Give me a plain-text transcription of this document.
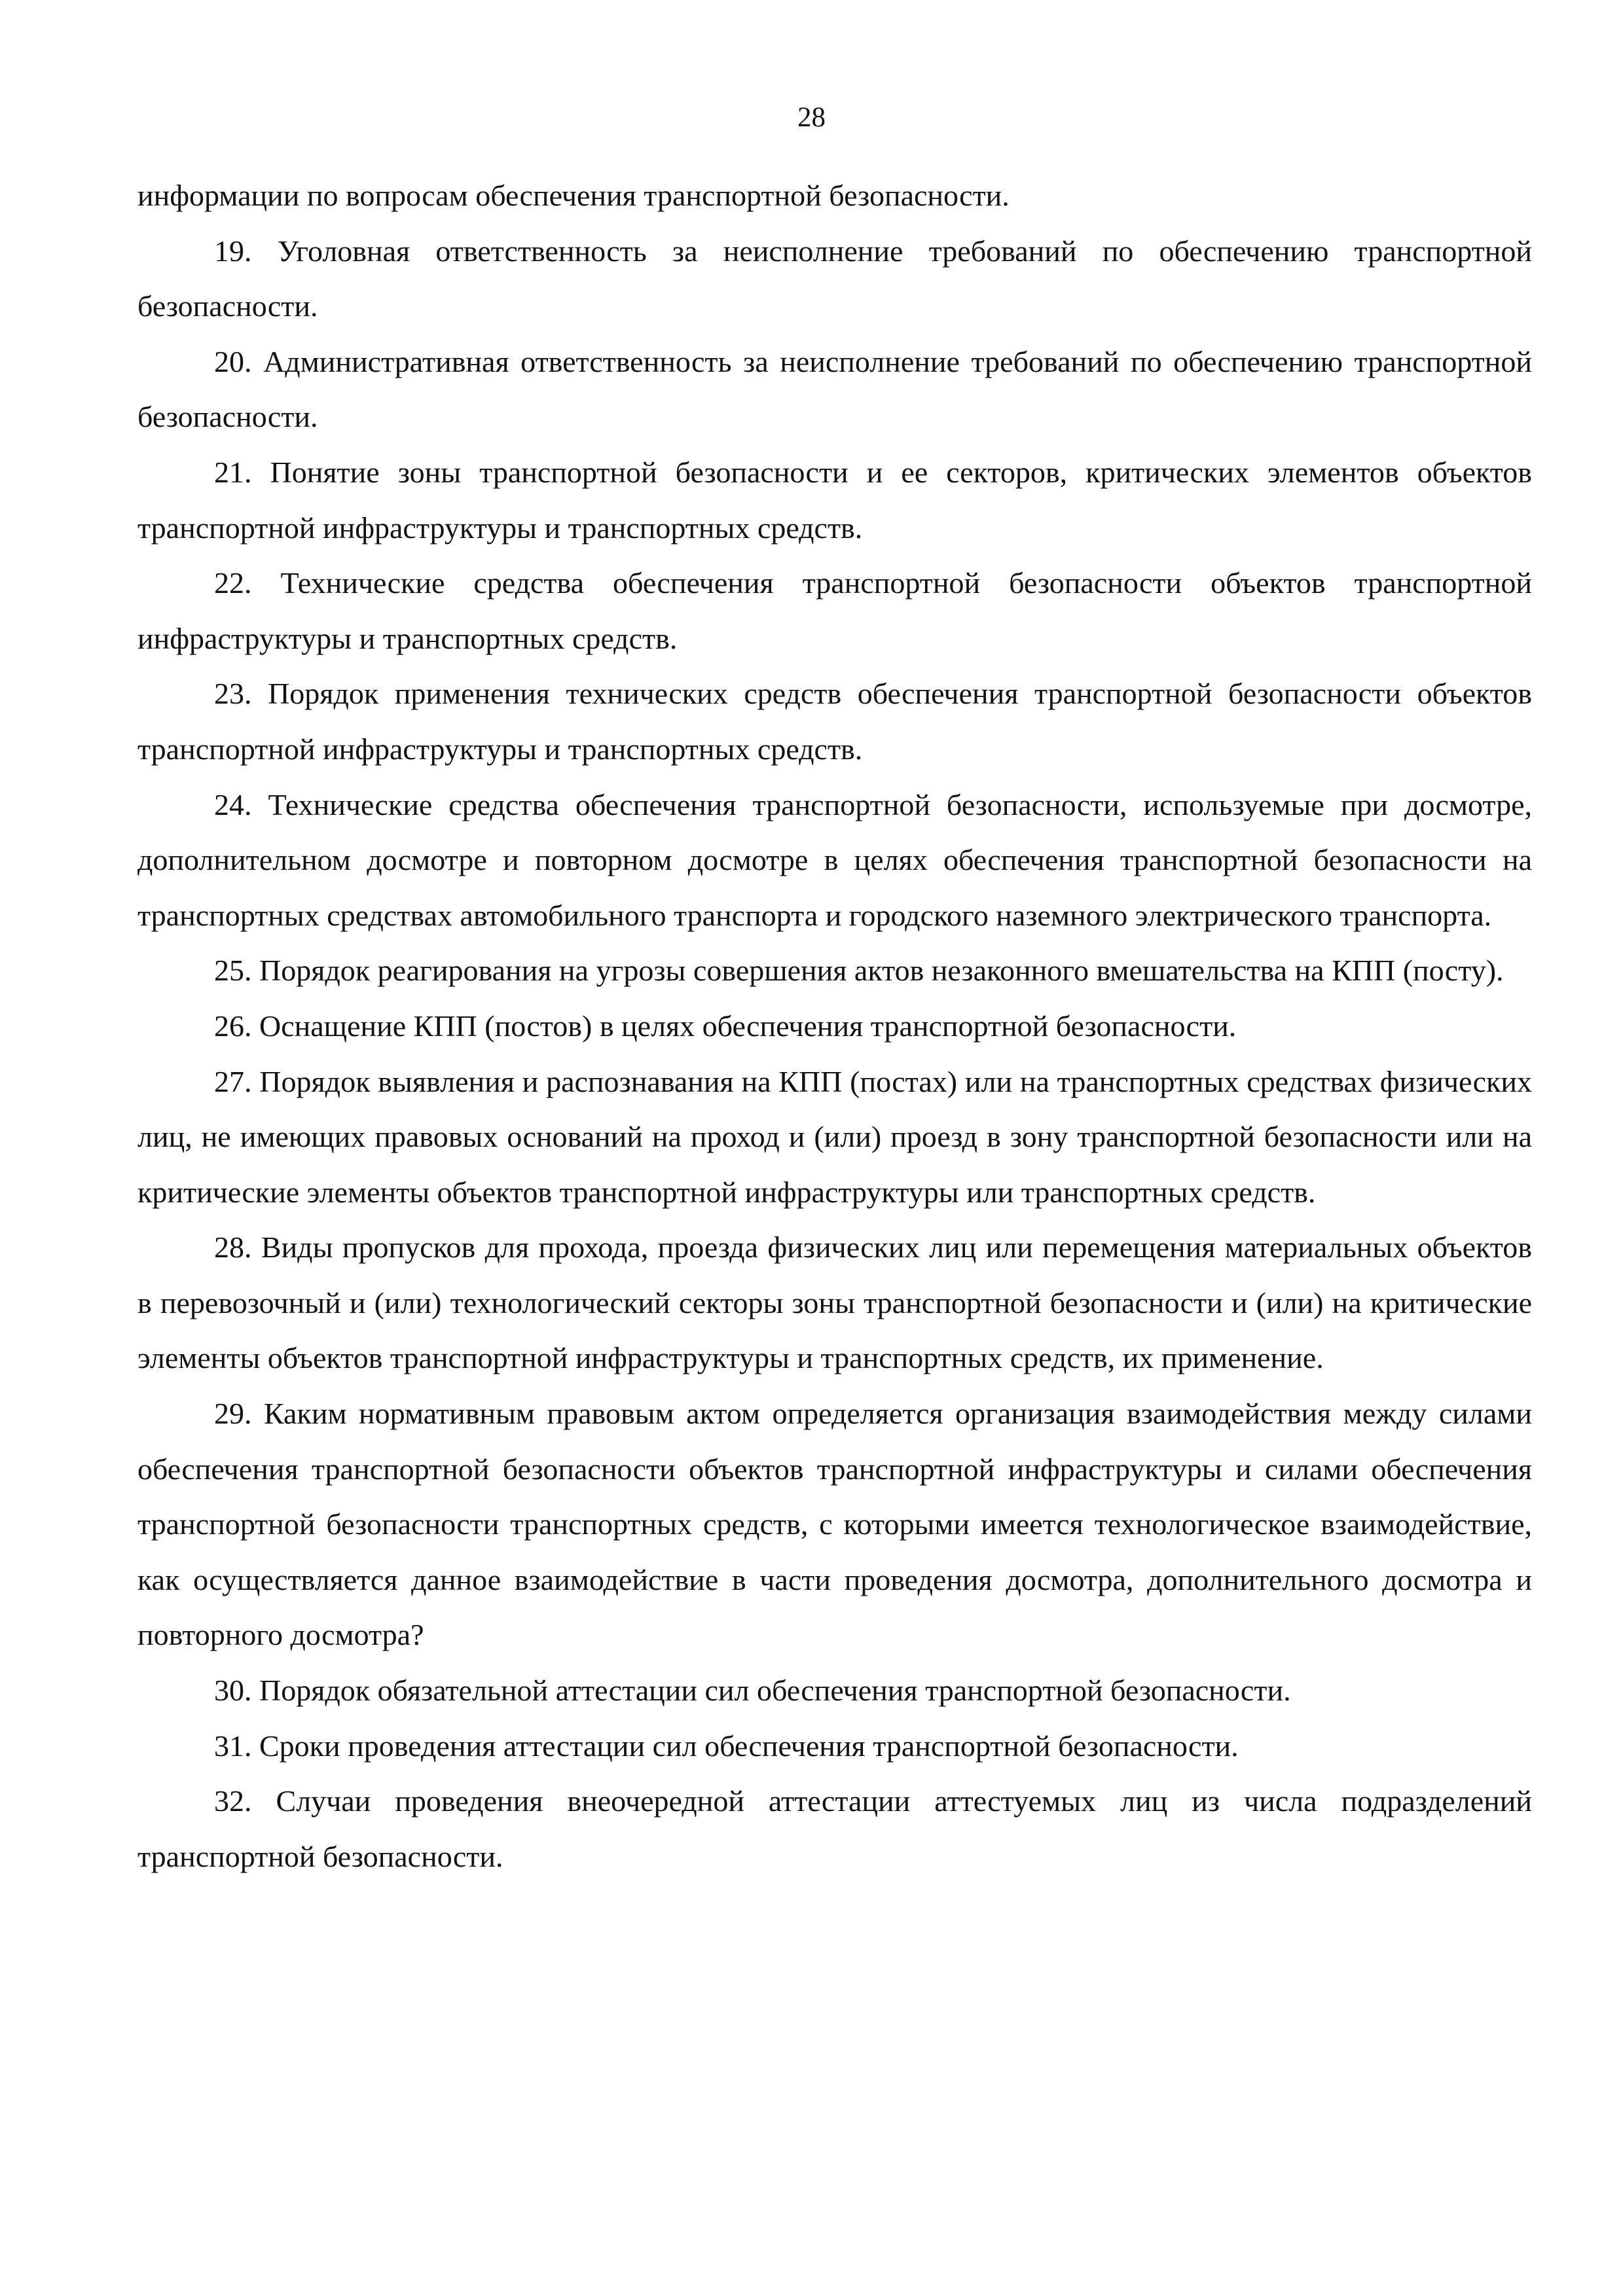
28

информации по вопросам обеспечения транспортной безопасности.

19. Уголовная ответственность за неисполнение требований по обеспечению транспортной безопасности.

20. Административная ответственность за неисполнение требований по обеспечению транспортной безопасности.

21. Понятие зоны транспортной безопасности и ее секторов, критических элементов объектов транспортной инфраструктуры и транспортных средств.

22. Технические средства обеспечения транспортной безопасности объектов транспортной инфраструктуры и транспортных средств.

23. Порядок применения технических средств обеспечения транспортной безопасности объектов транспортной инфраструктуры и транспортных средств.

24. Технические средства обеспечения транспортной безопасности, используемые при досмотре, дополнительном досмотре и повторном досмотре в целях обеспечения транспортной безопасности на транспортных средствах автомобильного транспорта и городского наземного электрического транспорта.

25. Порядок реагирования на угрозы совершения актов незаконного вмешательства на КПП (посту).

26. Оснащение КПП (постов) в целях обеспечения транспортной безопасности.

27. Порядок выявления и распознавания на КПП (постах) или на транспортных средствах физических лиц, не имеющих правовых оснований на проход и (или) проезд в зону транспортной безопасности или на критические элементы объектов транспортной инфраструктуры или транспортных средств.

28. Виды пропусков для прохода, проезда физических лиц или перемещения материальных объектов в перевозочный и (или) технологический секторы зоны транспортной безопасности и (или) на критические элементы объектов транспортной инфраструктуры и транспортных средств, их применение.

29. Каким нормативным правовым актом определяется организация взаимодействия между силами обеспечения транспортной безопасности объектов транспортной инфраструктуры и силами обеспечения транспортной безопасности транспортных средств, с которыми имеется технологическое взаимодействие, как осуществляется данное взаимодействие в части проведения досмотра, дополнительного досмотра и повторного досмотра?

30. Порядок обязательной аттестации сил обеспечения транспортной безопасности.

31. Сроки проведения аттестации сил обеспечения транспортной безопасности.

32. Случаи проведения внеочередной аттестации аттестуемых лиц из числа подразделений транспортной безопасности.
